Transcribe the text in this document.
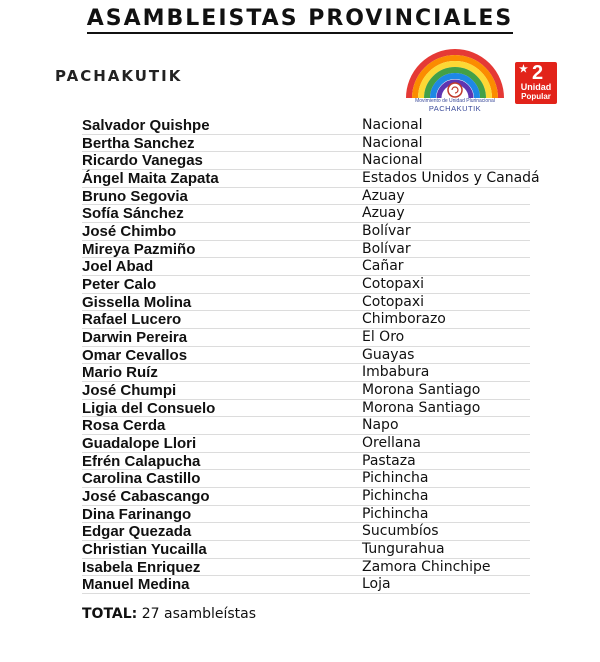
ASAMBLEISTAS PROVINCIALES
PACHAKUTIK
Movimiento de Unidad Plurinacional
PACHAKUTIK
★ 2
Unidad
Popular
Salvador Quishpe	Nacional
Bertha Sanchez	Nacional
Ricardo Vanegas	Nacional
Ángel Maita Zapata	Estados Unidos y Canadá
Bruno Segovia	Azuay
Sofía Sánchez	Azuay
José Chimbo	Bolívar
Mireya Pazmiño	Bolívar
Joel Abad	Cañar
Peter Calo	Cotopaxi
Gissella Molina	Cotopaxi
Rafael Lucero	Chimborazo
Darwin Pereira	El Oro
Omar Cevallos	Guayas
Mario Ruíz	Imbabura
José Chumpi	Morona Santiago
Ligia del Consuelo	Morona Santiago
Rosa Cerda	Napo
Guadalope Llori	Orellana
Efrén Calapucha	Pastaza
Carolina Castillo	Pichincha
José Cabascango	Pichincha
Dina Farinango	Pichincha
Edgar Quezada	Sucumbíos
Christian Yucailla	Tungurahua
Isabela Enriquez	Zamora Chinchipe
Manuel Medina	Loja
TOTAL: 27 asambleístas
